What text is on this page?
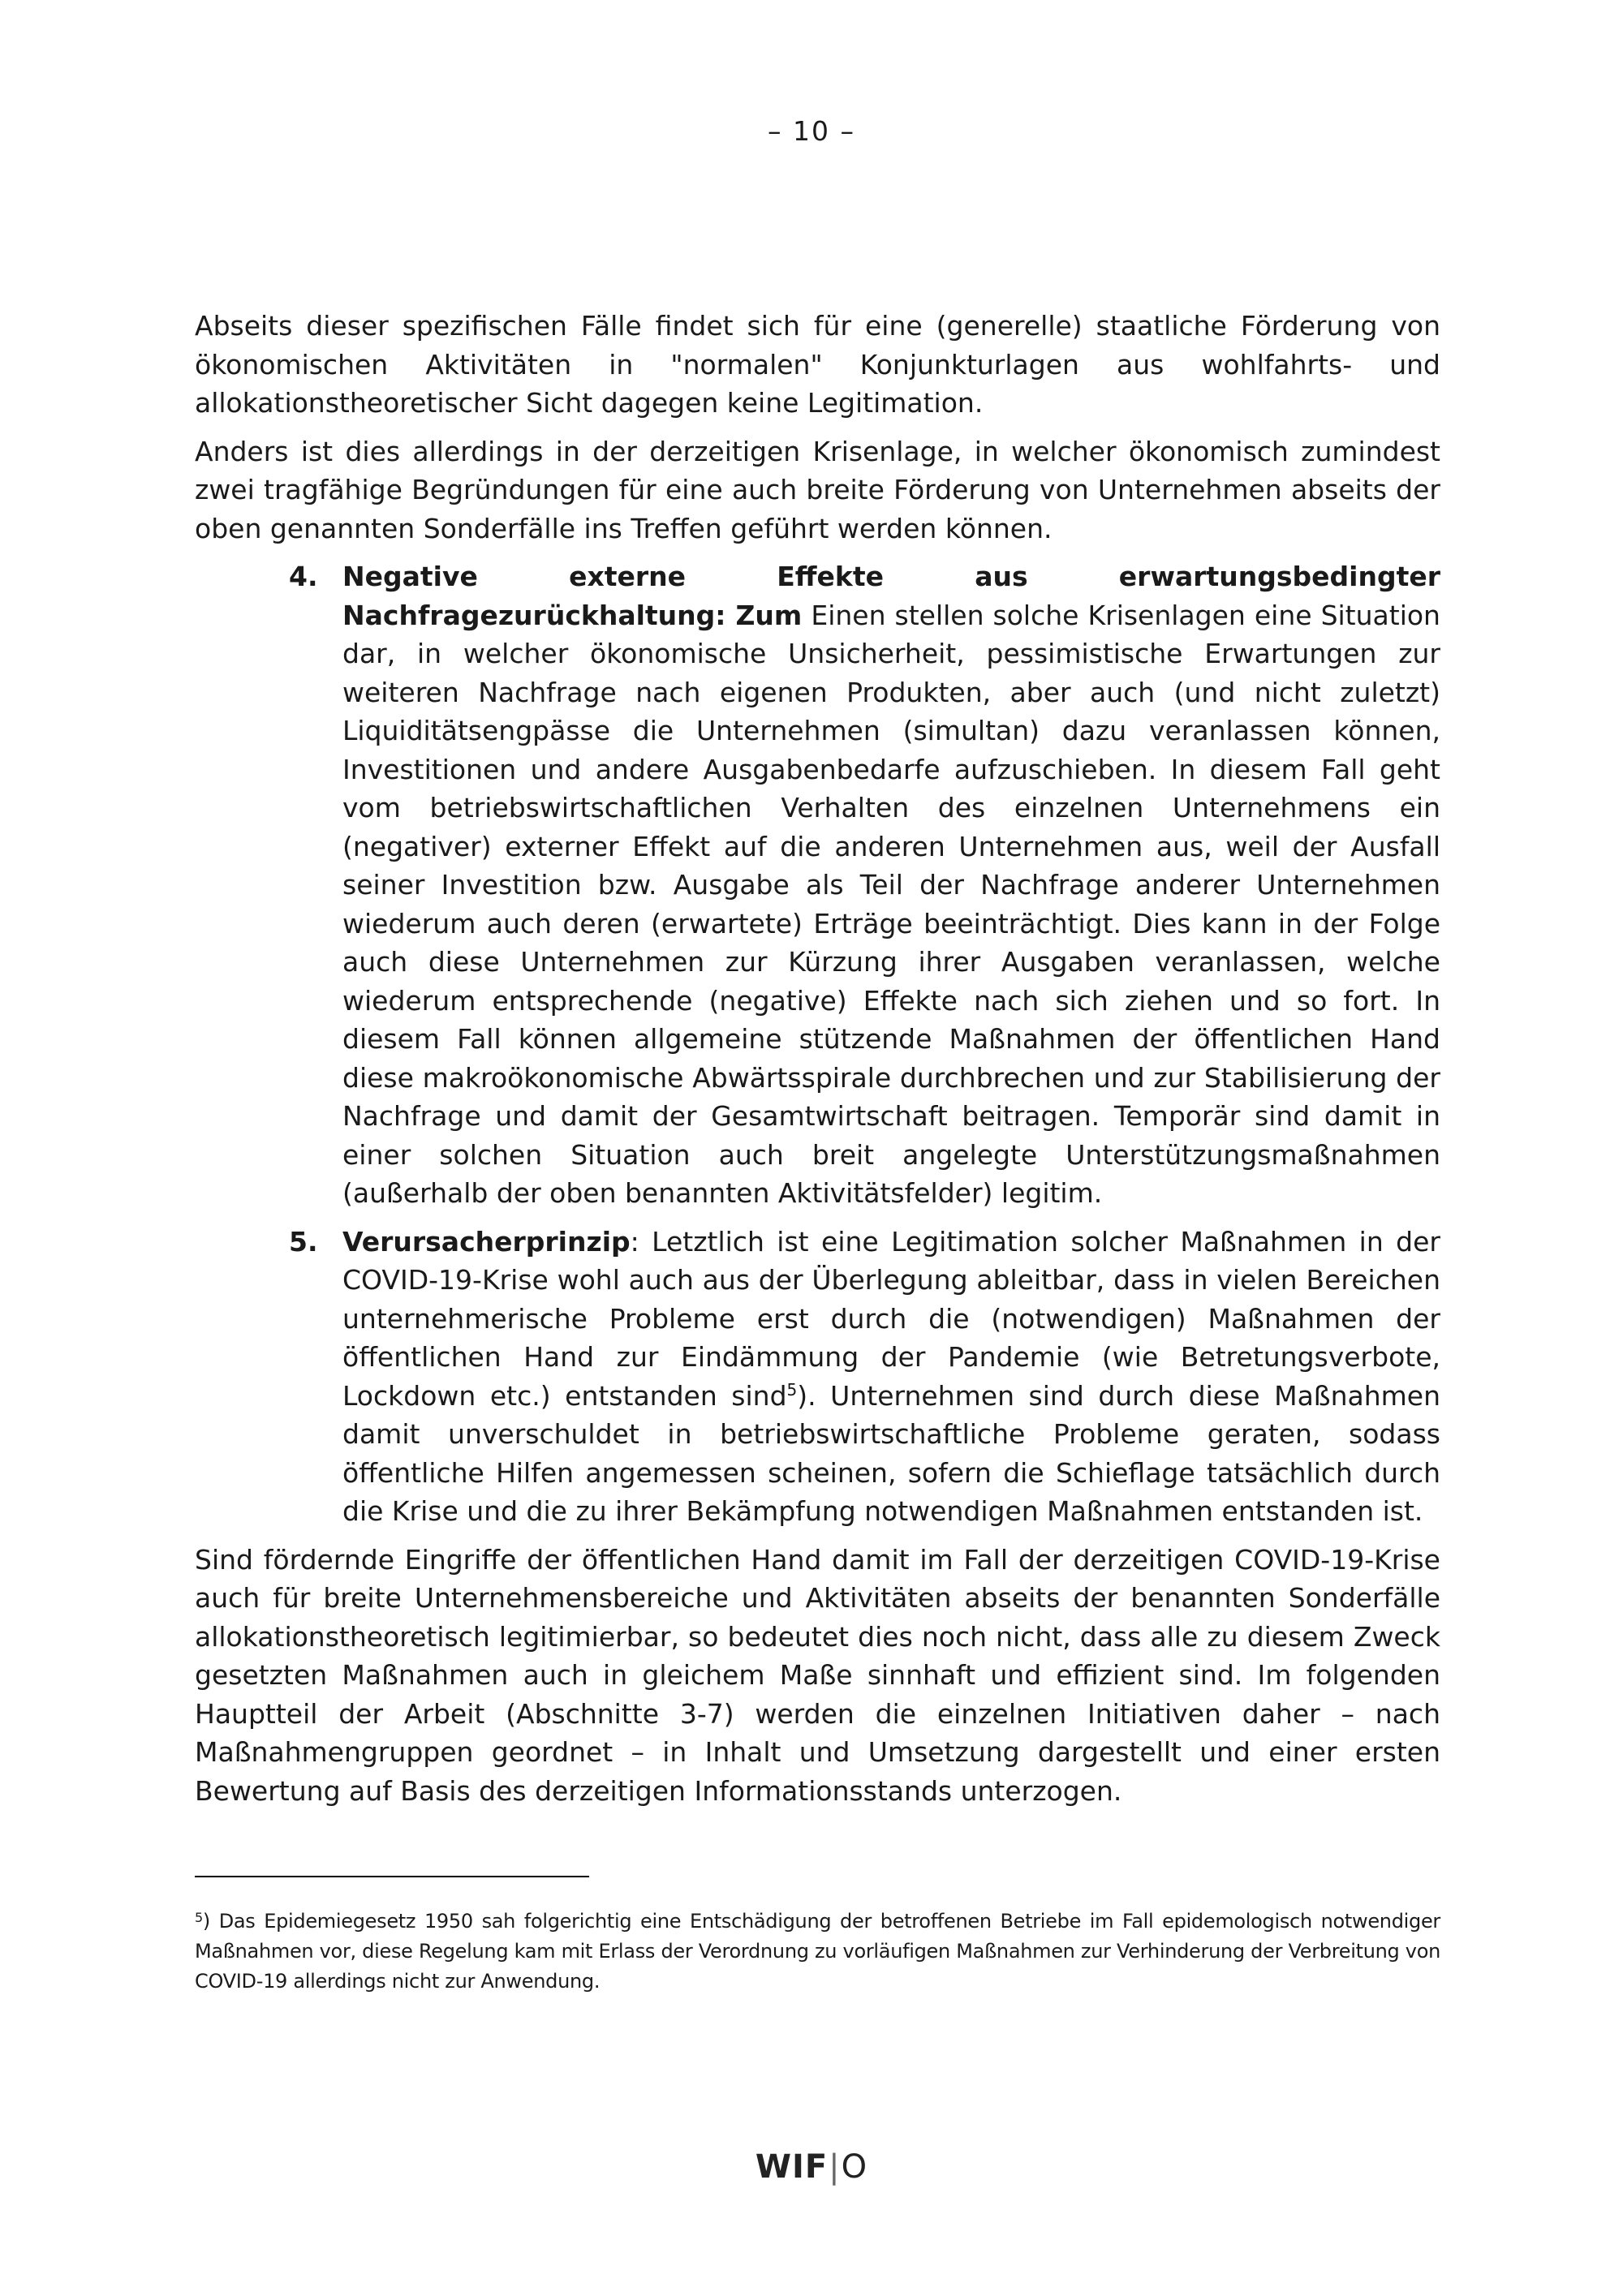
– 10 –

Abseits dieser spezifischen Fälle findet sich für eine (generelle) staatliche Förderung von ökonomischen Aktivitäten in "normalen" Konjunkturlagen aus wohlfahrts- und allokationstheoretischer Sicht dagegen keine Legitimation.

Anders ist dies allerdings in der derzeitigen Krisenlage, in welcher ökonomisch zumindest zwei tragfähige Begründungen für eine auch breite Förderung von Unternehmen abseits der oben genannten Sonderfälle ins Treffen geführt werden können.

4. Negative externe Effekte aus erwartungsbedingter Nachfragezurückhaltung: Zum Einen stellen solche Krisenlagen eine Situation dar, in welcher ökonomische Unsicherheit, pessimistische Erwartungen zur weiteren Nachfrage nach eigenen Produkten, aber auch (und nicht zuletzt) Liquiditätsengpässe die Unternehmen (simultan) dazu veranlassen können, Investitionen und andere Ausgabenbedarfe aufzuschieben. In diesem Fall geht vom betriebswirtschaftlichen Verhalten des einzelnen Unternehmens ein (negativer) externer Effekt auf die anderen Unternehmen aus, weil der Ausfall seiner Investition bzw. Ausgabe als Teil der Nachfrage anderer Unternehmen wiederum auch deren (erwartete) Erträge beeinträchtigt. Dies kann in der Folge auch diese Unternehmen zur Kürzung ihrer Ausgaben veranlassen, welche wiederum entsprechende (negative) Effekte nach sich ziehen und so fort. In diesem Fall können allgemeine stützende Maßnahmen der öffentlichen Hand diese makroökonomische Abwärtsspirale durchbrechen und zur Stabilisierung der Nachfrage und damit der Gesamtwirtschaft beitragen. Temporär sind damit in einer solchen Situation auch breit angelegte Unterstützungsmaßnahmen (außerhalb der oben benannten Aktivitätsfelder) legitim.
5. Verursacherprinzip: Letztlich ist eine Legitimation solcher Maßnahmen in der COVID-19-Krise wohl auch aus der Überlegung ableitbar, dass in vielen Bereichen unternehmerische Probleme erst durch die (notwendigen) Maßnahmen der öffentlichen Hand zur Eindämmung der Pandemie (wie Betretungsverbote, Lockdown etc.) entstanden sind$^5$). Unternehmen sind durch diese Maßnahmen damit unverschuldet in betriebswirtschaftliche Probleme geraten, sodass öffentliche Hilfen angemessen scheinen, sofern die Schieflage tatsächlich durch die Krise und die zu ihrer Bekämpfung notwendigen Maßnahmen entstanden ist.

Sind fördernde Eingriffe der öffentlichen Hand damit im Fall der derzeitigen COVID-19-Krise auch für breite Unternehmensbereiche und Aktivitäten abseits der benannten Sonderfälle allokationstheoretisch legitimierbar, so bedeutet dies noch nicht, dass alle zu diesem Zweck gesetzten Maßnahmen auch in gleichem Maße sinnhaft und effizient sind. Im folgenden Hauptteil der Arbeit (Abschnitte 3-7) werden die einzelnen Initiativen daher – nach Maßnahmengruppen geordnet – in Inhalt und Umsetzung dargestellt und einer ersten Bewertung auf Basis des derzeitigen Informationsstands unterzogen.

$^5$) Das Epidemiegesetz 1950 sah folgerichtig eine Entschädigung der betroffenen Betriebe im Fall epidemologisch notwendiger Maßnahmen vor, diese Regelung kam mit Erlass der Verordnung zu vorläufigen Maßnahmen zur Verhinderung der Verbreitung von COVID-19 allerdings nicht zur Anwendung.
WIF|O
